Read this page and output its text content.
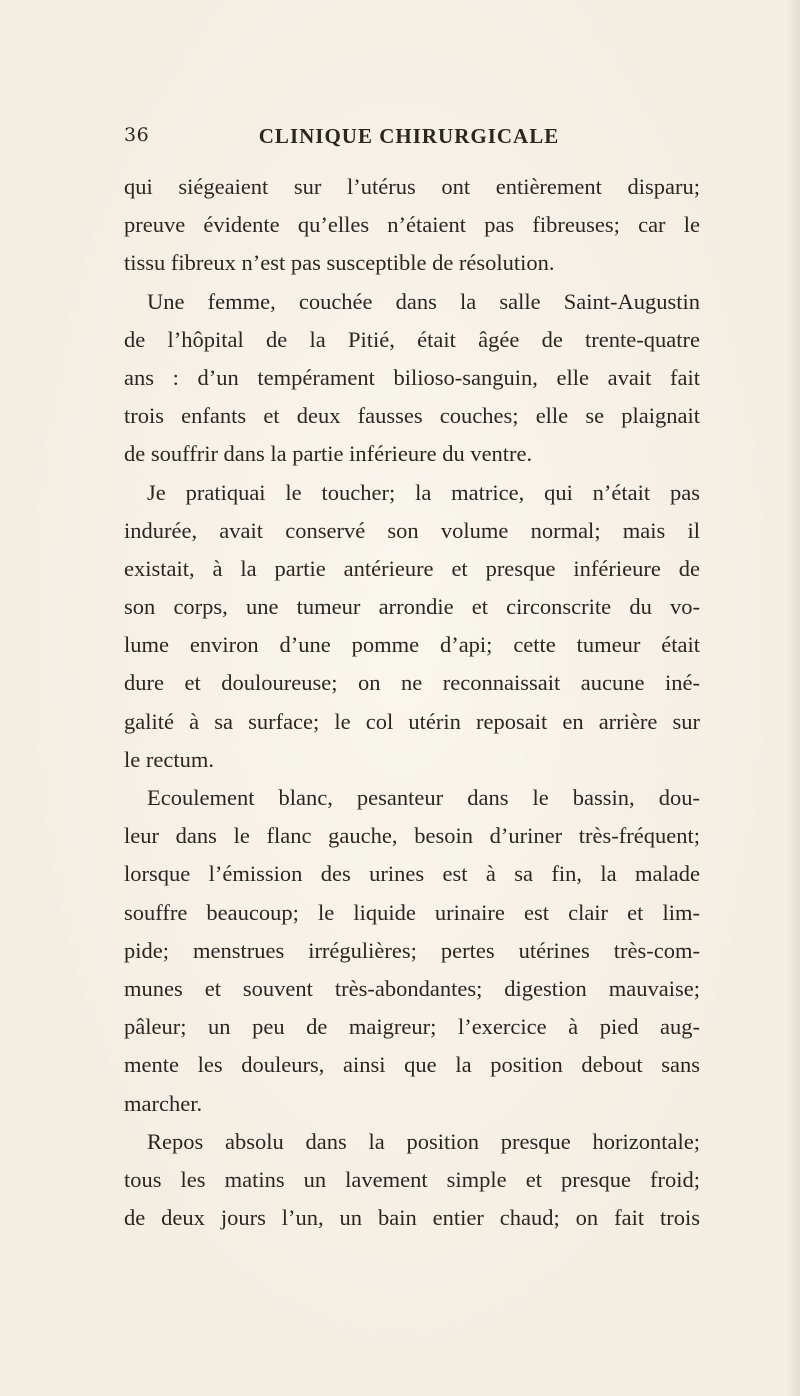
36	CLINIQUE CHIRURGICALE
qui siégeaient sur l’utérus ont entièrement disparu;
preuve évidente qu’elles n’étaient pas fibreuses; car le
tissu fibreux n’est pas susceptible de résolution.
Une femme, couchée dans la salle Saint-Augustin
de l’hôpital de la Pitié, était âgée de trente-quatre
ans : d’un tempérament bilioso-sanguin, elle avait fait
trois enfants et deux fausses couches; elle se plaignait
de souffrir dans la partie inférieure du ventre.
Je pratiquai le toucher; la matrice, qui n’était pas
indurée, avait conservé son volume normal; mais il
existait, à la partie antérieure et presque inférieure de
son corps, une tumeur arrondie et circonscrite du vo-
lume environ d’une pomme d’api; cette tumeur était
dure et douloureuse; on ne reconnaissait aucune iné-
galité à sa surface; le col utérin reposait en arrière sur
le rectum.
Ecoulement blanc, pesanteur dans le bassin, dou-
leur dans le flanc gauche, besoin d’uriner très-fréquent;
lorsque l’émission des urines est à sa fin, la malade
souffre beaucoup; le liquide urinaire est clair et lim-
pide; menstrues irrégulières; pertes utérines très-com-
munes et souvent très-abondantes; digestion mauvaise;
pâleur; un peu de maigreur; l’exercice à pied aug-
mente les douleurs, ainsi que la position debout sans
marcher.
Repos absolu dans la position presque horizontale;
tous les matins un lavement simple et presque froid;
de deux jours l’un, un bain entier chaud; on fait trois
